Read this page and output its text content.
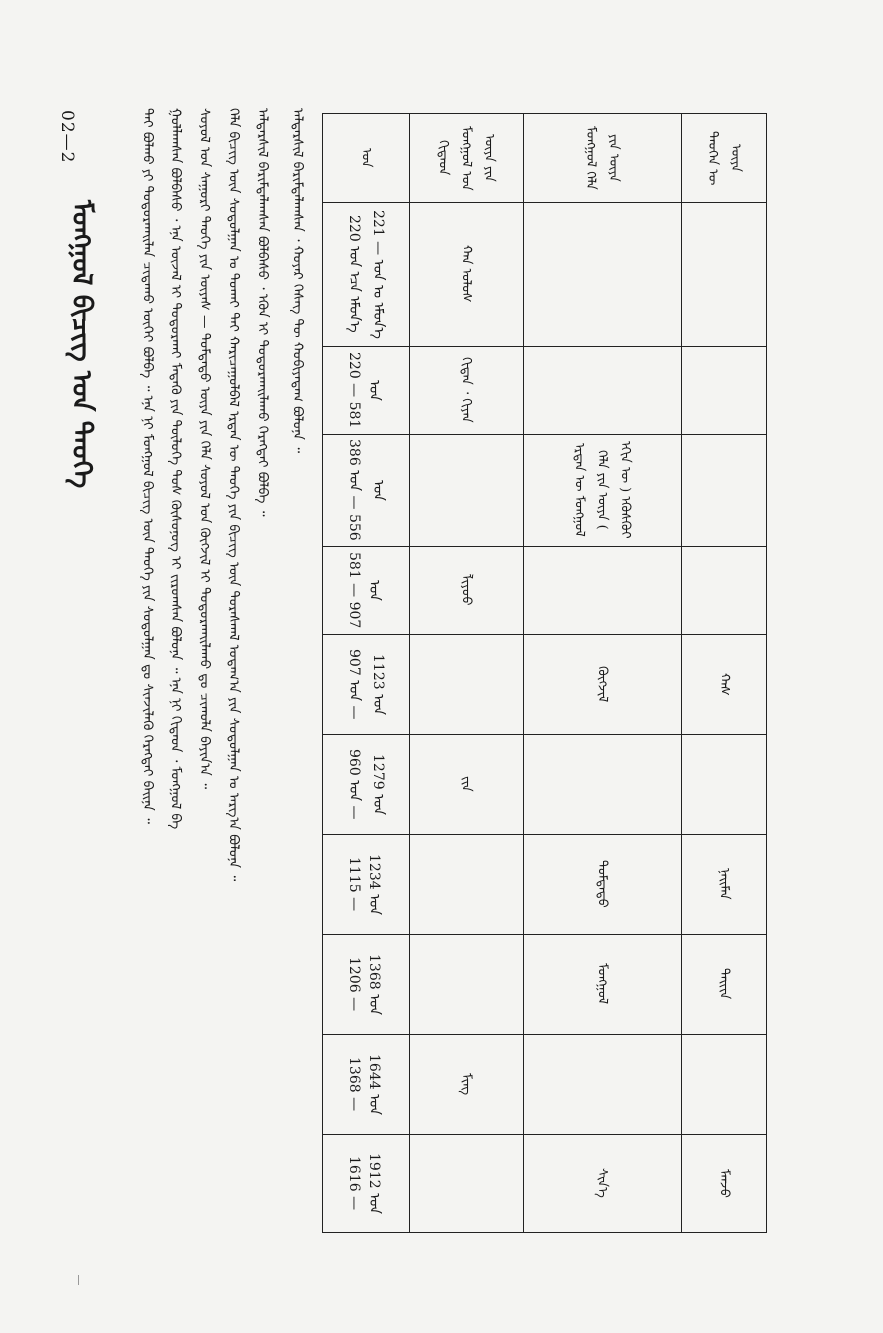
02—2
ᠮᠣᠩᠭᠣᠯ ᠪᠢᠴᠢᠭ ᠤᠨ ᠲᠡᠦᠬᠡ	ᠲᠠᠢ ᠪᠣᠯᠬᠣ ᠶᠢ ᠲᠣᠳᠣᠷᠬᠠᠢᠯᠠᠨ ᠴᠢᠳᠠᠬᠤ ᠦᠭᠡᠢ ᠪᠣᠯᠪᠠ ᠃ ᠡᠨᠡ ᠨᠢ ᠮᠣᠩᠭᠣᠯ ᠪᠢᠴᠢᠭ ᠦᠨ ᠲᠡᠦᠬᠡ ᠶᠢᠨ ᠰᠤᠳᠤᠯᠭᠠᠨ ᠳᠤ ᠰᠢᠨᠵᠢᠯᠡᠬᠦ ᠬᠡᠷᠡᠭᠲᠡᠢ ᠪᠠᠢᠨᠠ ᠃ ᠭᠣᠯᠯᠠᠭᠰᠠᠨ ᠪᠣᠯᠪᠠᠰᠤ ᠂ ᠡᠨᠡ ᠦᠵᠡᠯ ᠢ ᠲᠣᠳᠣᠷᠬᠠᠢ ᠮᠡᠳᠡᠬᠦ ᠶᠢᠨ ᠲᠦᠯᠦᠭᠡ ᠲᠤᠰ ᠬᠦᠰᠦᠨᠦᠭ ᠢ ᠵᠢᠷᠤᠭᠰᠠᠨ ᠪᠣᠯᠤᠨᠠ ᠃ ᠡᠨᠡ ᠨᠢ ᠬᠢᠲᠠᠳ ᠂ ᠮᠣᠩᠭᠣᠯ ᠪᠠ ᠰᠣᠶᠣᠯ ᠤᠨ ᠰᠠᠭᠤᠷᠢ ᠲᠡᠦᠬᠡ ᠶᠢᠨ ᠦᠶᠡᠰ — ᠳᠤᠮᠳᠠᠳᠤ ᠦᠶᠡ ᠶᠢᠨ ᠬᠡᠯᠡ ᠰᠣᠶᠣᠯ ᠤᠨ ᠬᠥᠭᠵᠢᠯ ᠢ ᠲᠣᠳᠣᠷᠬᠠᠢᠯᠠᠬᠤ ᠳᠤ ᠴᠢᠬᠤᠯᠠ ᠪᠠᠶᠢᠨ᠎ᠠ ᠃ ᠬᠡᠯᠡ ᠪᠢᠴᠢᠭ ᠦᠨ ᠰᠤᠳᠤᠯᠭᠠᠨ ᠤ ᠲᠤᠬᠠᠢ ᠲᠠᠢ ᠬᠠᠷᠢᠴᠠᠭᠤᠯᠪᠠᠯ ᠡᠷᠲᠡᠨ ᠦ ᠲᠡᠦᠬᠡ ᠶᠢᠨ ᠪᠢᠴᠢᠭ ᠦᠨ ᠳᠤᠷᠠᠰᠬᠠᠯ ᠤᠳᠠᠭ᠎ᠠ ᠶᠢᠨ ᠰᠤᠳᠤᠯᠭᠠᠨ ᠤ ᠠᠷᠭ᠎ᠠ ᠪᠣᠯᠤᠨᠠ ᠃ ᠠᠯᠳᠠᠷᠰᠢᠯ ᠪᠠᠷᠢᠮᠲᠠᠯᠠᠭᠰᠠᠨ ᠪᠣᠯᠪᠠᠰᠤ ᠂ ᠡᠭᠦᠨ ᠢ ᠲᠣᠳᠣᠷᠬᠠᠢᠯᠠᠬᠤ ᠬᠡᠷᠡᠭᠲᠡᠢ ᠪᠣᠯᠪᠠ ᠃ ᠠᠯᠳᠠᠷᠰᠢᠯ ᠪᠠᠷᠢᠮᠲᠠᠯᠠᠭᠰᠠᠨ ᠂ ᠬᠣᠶᠠᠷ ᠬᠡᠰᠡᠭ ᠲᠦ ᠬᠤᠪᠢᠶᠠᠳᠠᠭ ᠪᠣᠯᠤᠨᠠ ᠃	ᠣᠨ
220 ᠣᠨ ᠡᠴᠡ ᠡᠮᠦᠨ᠎ᠡ 221 — ᠣᠨ ᠤ ᠡᠮᠦᠨ᠎ᠡ
220 — 581 ᠣᠨ
386 ᠣᠨ — 556 ᠣᠨ
581 — 907 ᠣᠨ
907 ᠣᠨ — 1123 ᠣᠨ
960 ᠣᠨ — 1279 ᠣᠨ
1115 — 1234 ᠣᠨ
1206 — 1368 ᠣᠨ
1368 — 1644 ᠣᠨ
1616 — 1912 ᠣᠨ
ᠬᠢᠲᠠᠳ ᠮᠣᠩᠭᠣᠯ ᠤᠨ ᠦᠶᠡ ᠶᠢᠨ
ᠬᠠᠨ ᠤᠯᠤᠰ
ᠬᠢᠲᠠᠨ ᠂ ᠬᠢᠶᠠᠨ
ᠯᠢᠶᠣᠣ
ᠵᠢᠨ
ᠮᠢᠩ
ᠮᠣᠩᠭᠣᠯ ᠬᠡᠯᠡ ᠶᠢᠨ ᠦᠶᠡ
ᠡᠷᠲᠡᠨ ᠦ ᠮᠣᠩᠭᠣᠯ ᠬᠡᠯᠡ ᠶᠢᠨ ᠦᠶᠡ ( ᠡᠬᠢᠨ ᠦ ) ᠡᠭᠦᠰᠬᠦᠢ
ᠬᠥᠭᠵᠢᠯ
ᠳᠤᠮᠳᠠᠳᠤ
ᠮᠣᠩᠭᠣᠯ
ᠰᠢᠨ᠎ᠡ
ᠲᠡᠦᠬᠡᠨ ᠦ ᠦᠶᠡ
ᠬᠠᠰ
ᠨᠠᠢᠮᠠᠨ
ᠳᠠᠢᠢᠨ
ᠮᠠᠨᠵᠤ
